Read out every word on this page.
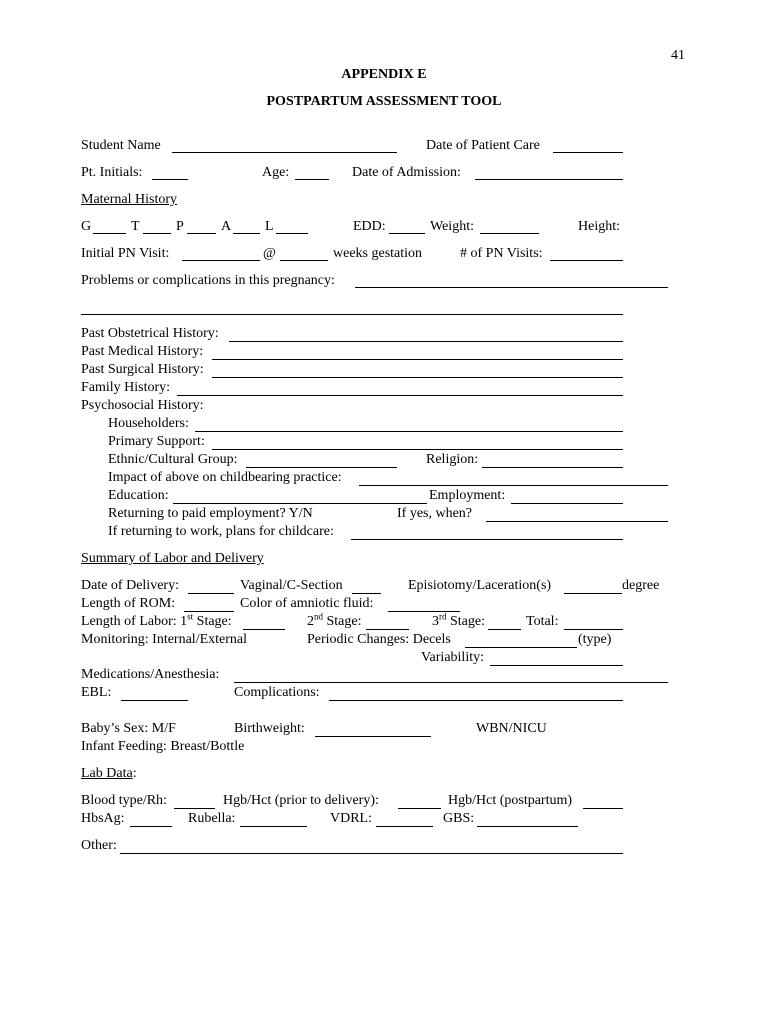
41
APPENDIX E
POSTPARTUM ASSESSMENT TOOL
Student Name	Date of Patient Care
Pt. Initials:	Age:	Date of Admission:
Maternal History
G	T	P	A L	EDD:	Weight:	Height:
Initial PN Visit:	@	weeks gestation	# of PN Visits:
Problems or complications in this pregnancy:
Past Obstetrical History:
Past Medical History:
Past Surgical History:
Family History:
Psychosocial History:
Householders:
Primary Support:
Ethnic/Cultural Group:	Religion:
Impact of above on childbearing practice:
Education:	Employment:
Returning to paid employment? Y/N	If yes, when?
If returning to work, plans for childcare:
Summary of Labor and Delivery
Date of Delivery:	Vaginal/C-Section	Episiotomy/Laceration(s)	degree
Length of ROM:	Color of amniotic fluid:
Length of Labor: 1st Stage:	2nd Stage:	3rd Stage:	Total:
Monitoring: Internal/External	Periodic Changes: Decels	(type)
Variability:
Medications/Anesthesia:
EBL:	Complications:
Baby’s Sex: M/F	Birthweight:	WBN/NICU
Infant Feeding: Breast/Bottle
Lab Data:
Blood type/Rh:	Hgb/Hct (prior to delivery):	Hgb/Hct (postpartum)
HbsAg:	Rubella:	VDRL:	GBS:
Other:
